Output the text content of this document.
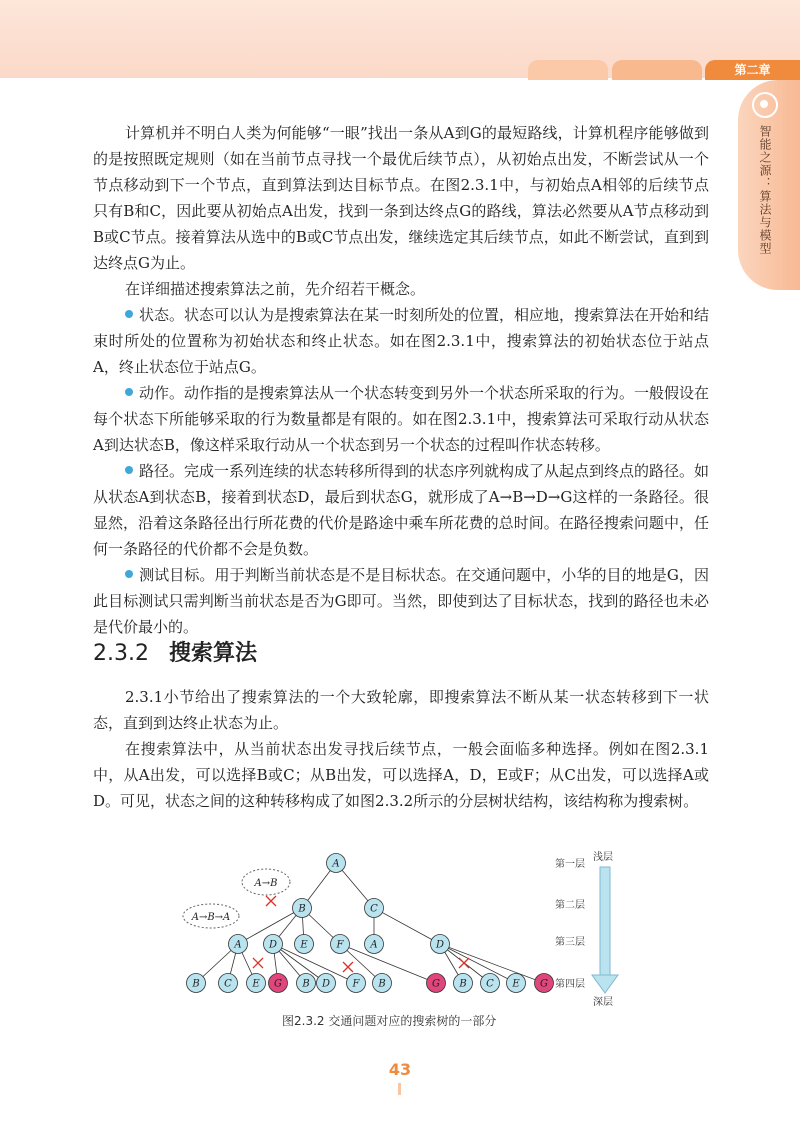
第二章
智能之源：算法与模型

计算机并不明白人类为何能够“一眼”找出一条从A到G的最短路线，计算机程序能够做到的是按照既定规则（如在当前节点寻找一个最优后续节点），从初始点出发，不断尝试从一个节点移动到下一个节点，直到算法到达目标节点。在图2.3.1中，与初始点A相邻的后续节点只有B和C，因此要从初始点A出发，找到一条到达终点G的路线，算法必然要从A节点移动到B或C节点。接着算法从选中的B或C节点出发，继续选定其后续节点，如此不断尝试，直到到达终点G为止。

在详细描述搜索算法之前，先介绍若干概念。

状态。状态可以认为是搜索算法在某一时刻所处的位置，相应地，搜索算法在开始和结束时所处的位置称为初始状态和终止状态。如在图2.3.1中，搜索算法的初始状态位于站点A，终止状态位于站点G。

动作。动作指的是搜索算法从一个状态转变到另外一个状态所采取的行为。一般假设在每个状态下所能够采取的行为数量都是有限的。如在图2.3.1中，搜索算法可采取行动从状态A到达状态B，像这样采取行动从一个状态到另一个状态的过程叫作状态转移。

路径。完成一系列连续的状态转移所得到的状态序列就构成了从起点到终点的路径。如从状态A到状态B，接着到状态D，最后到状态G，就形成了A→B→D→G这样的一条路径。很显然，沿着这条路径出行所花费的代价是路途中乘车所花费的总时间。在路径搜索问题中，任何一条路径的代价都不会是负数。

测试目标。用于判断当前状态是不是目标状态。在交通问题中，小华的目的地是G，因此目标测试只需判断当前状态是否为G即可。当然，即使到达了目标状态，找到的路径也未必是代价最小的。

2.3.2 搜索算法

2.3.1小节给出了搜索算法的一个大致轮廓，即搜索算法不断从某一状态转移到下一状态，直到到达终止状态为止。

在搜索算法中，从当前状态出发寻找后续节点，一般会面临多种选择。例如在图2.3.1中，从A出发，可以选择B或C；从B出发，可以选择A，D，E或F；从C出发，可以选择A或D。可见，状态之间的这种转移构成了如图2.3.2所示的分层树状结构，该结构称为搜索树。

A→B
A→B→A
A
B	C
A	D E	F	A	D
B C E G B D F B	G B C E G
第一层
第二层
第三层
第四层
浅层
深层
图2.3.2 交通问题对应的搜索树的一部分
43
